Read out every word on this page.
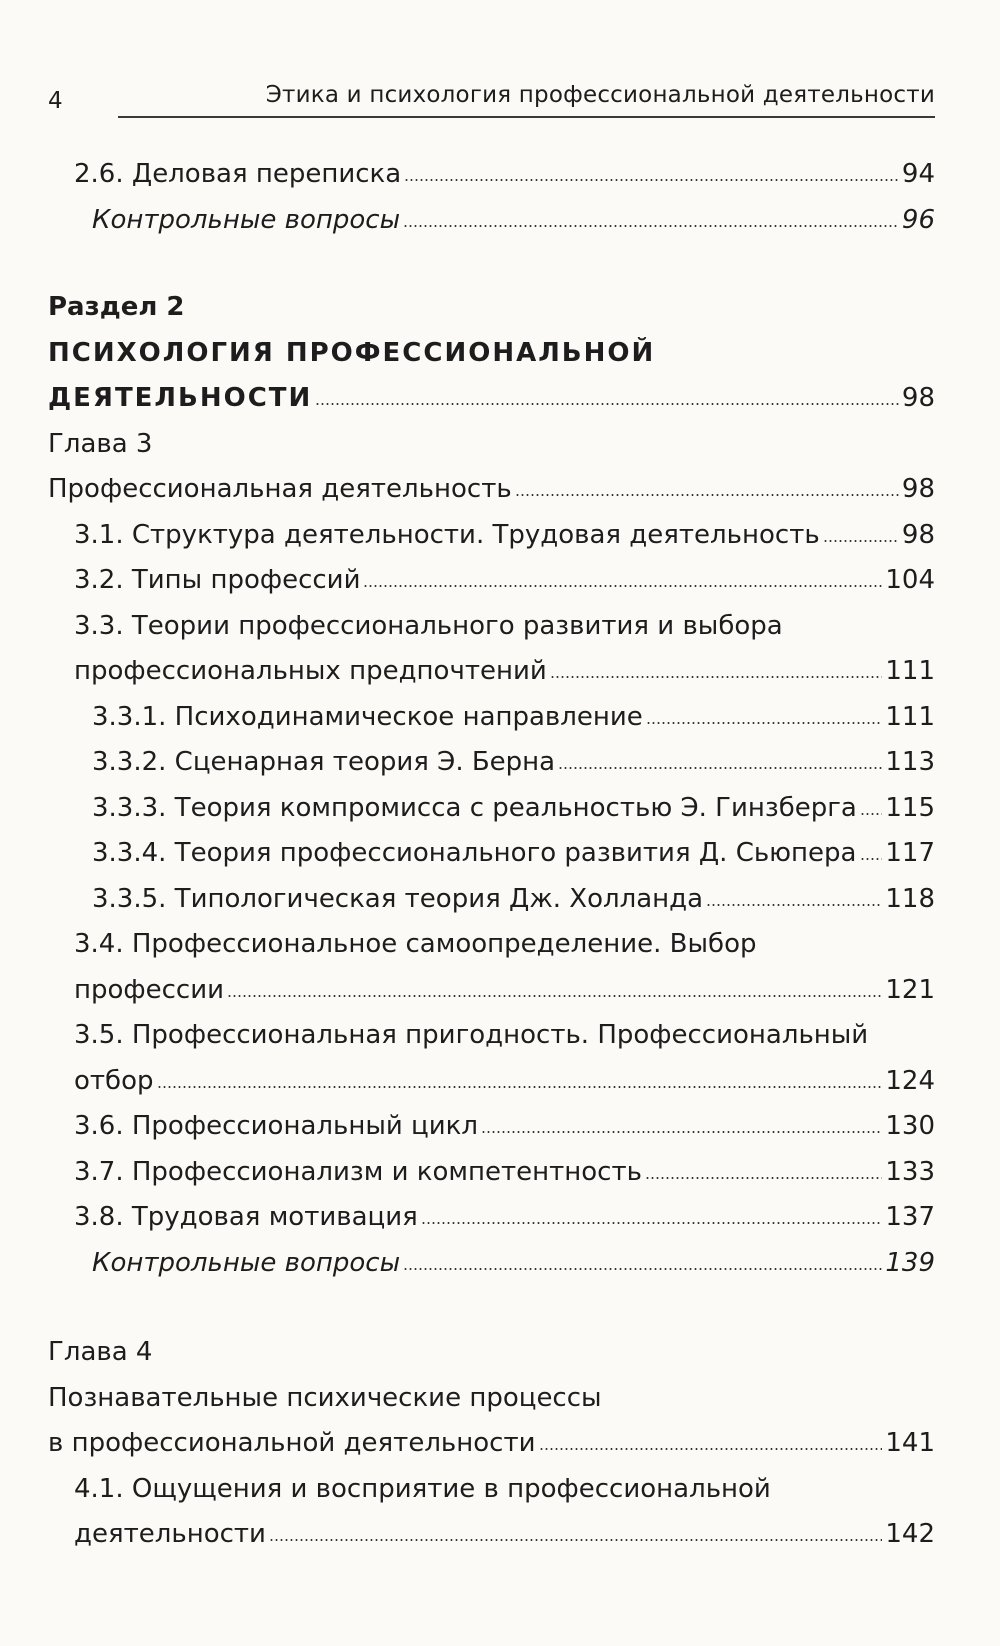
4	Этика и психология профессиональной деятельности
2.6. Деловая переписка	94
Контрольные вопросы	96
Раздел 2
ПСИХОЛОГИЯ ПРОФЕССИОНАЛЬНОЙ
ДЕЯТЕЛЬНОСТИ	98
Глава 3
Профессиональная деятельность	98
3.1. Структура деятельности. Трудовая деятельность	98
3.2. Типы профессий	104
3.3. Теории профессионального развития и выбора
профессиональных предпочтений	111
3.3.1. Психодинамическое направление	111
3.3.2. Сценарная теория Э. Берна	113
3.3.3. Теория компромисса с реальностью Э. Гинзберга 115
3.3.4. Теория профессионального развития Д. Сьюпера 117
3.3.5. Типологическая теория Дж. Холланда	118
3.4. Профессиональное самоопределение. Выбор
профессии	121
3.5. Профессиональная пригодность. Профессиональный
отбор	124
3.6. Профессиональный цикл	130
3.7. Профессионализм и компетентность	133
3.8. Трудовая мотивация	137
Контрольные вопросы	139
Глава 4
Познавательные психические процессы
в профессиональной деятельности	141
4.1. Ощущения и восприятие в профессиональной
деятельности	142
